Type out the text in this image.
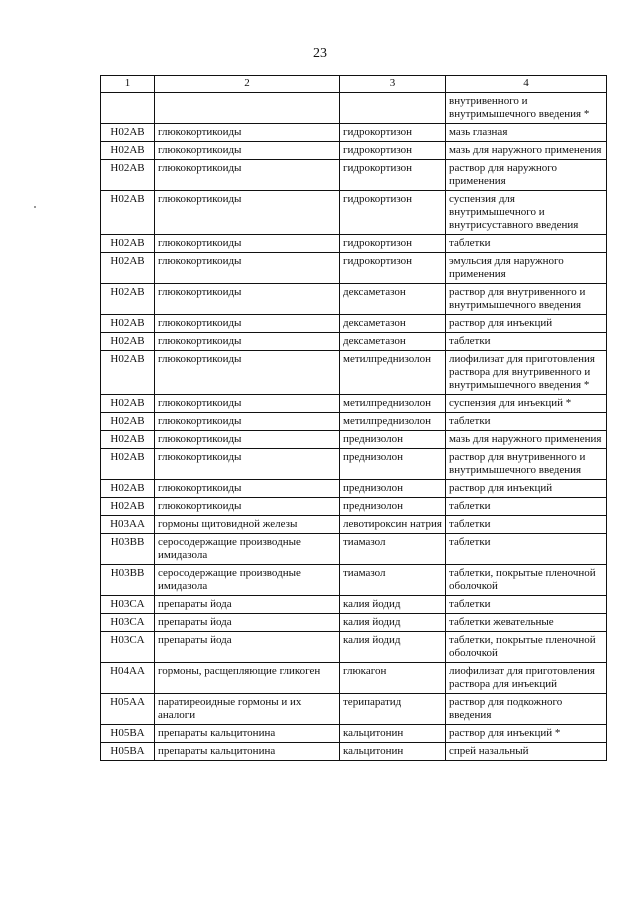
23
1	2	3	4
			внутривенного и внутримышечного введения *
H02AB	глюкокортикоиды	гидрокортизон	мазь глазная
H02AB	глюкокортикоиды	гидрокортизон	мазь для наружного применения
H02AB	глюкокортикоиды	гидрокортизон	раствор для наружного применения
H02AB	глюкокортикоиды	гидрокортизон	суспензия для внутримышечного и внутрисуставного введения
H02AB	глюкокортикоиды	гидрокортизон	таблетки
H02AB	глюкокортикоиды	гидрокортизон	эмульсия для наружного применения
H02AB	глюкокортикоиды	дексаметазон	раствор для внутривенного и внутримышечного введения
H02AB	глюкокортикоиды	дексаметазон	раствор для инъекций
H02AB	глюкокортикоиды	дексаметазон	таблетки
H02AB	глюкокортикоиды	метилпреднизолон	лиофилизат для приготовления раствора для внутривенного и внутримышечного введения *
H02AB	глюкокортикоиды	метилпреднизолон	суспензия для инъекций *
H02AB	глюкокортикоиды	метилпреднизолон	таблетки
H02AB	глюкокортикоиды	преднизолон	мазь для наружного применения
H02AB	глюкокортикоиды	преднизолон	раствор для внутривенного и внутримышечного введения
H02AB	глюкокортикоиды	преднизолон	раствор для инъекций
H02AB	глюкокортикоиды	преднизолон	таблетки
H03AA	гормоны щитовидной железы	левотироксин натрия	таблетки
H03BB	серосодержащие производные имидазола	тиамазол	таблетки
H03BB	серосодержащие производные имидазола	тиамазол	таблетки, покрытые пленочной оболочкой
H03CA	препараты йода	калия йодид	таблетки
H03CA	препараты йода	калия йодид	таблетки жевательные
H03CA	препараты йода	калия йодид	таблетки, покрытые пленочной оболочкой
H04AA	гормоны, расщепляющие гликоген	глюкагон	лиофилизат для приготовления раствора для инъекций
H05AA	паратиреоидные гормоны и их аналоги	терипаратид	раствор для подкожного введения
H05BA	препараты кальцитонина	кальцитонин	раствор для инъекций *
H05BA	препараты кальцитонина	кальцитонин	спрей назальный
